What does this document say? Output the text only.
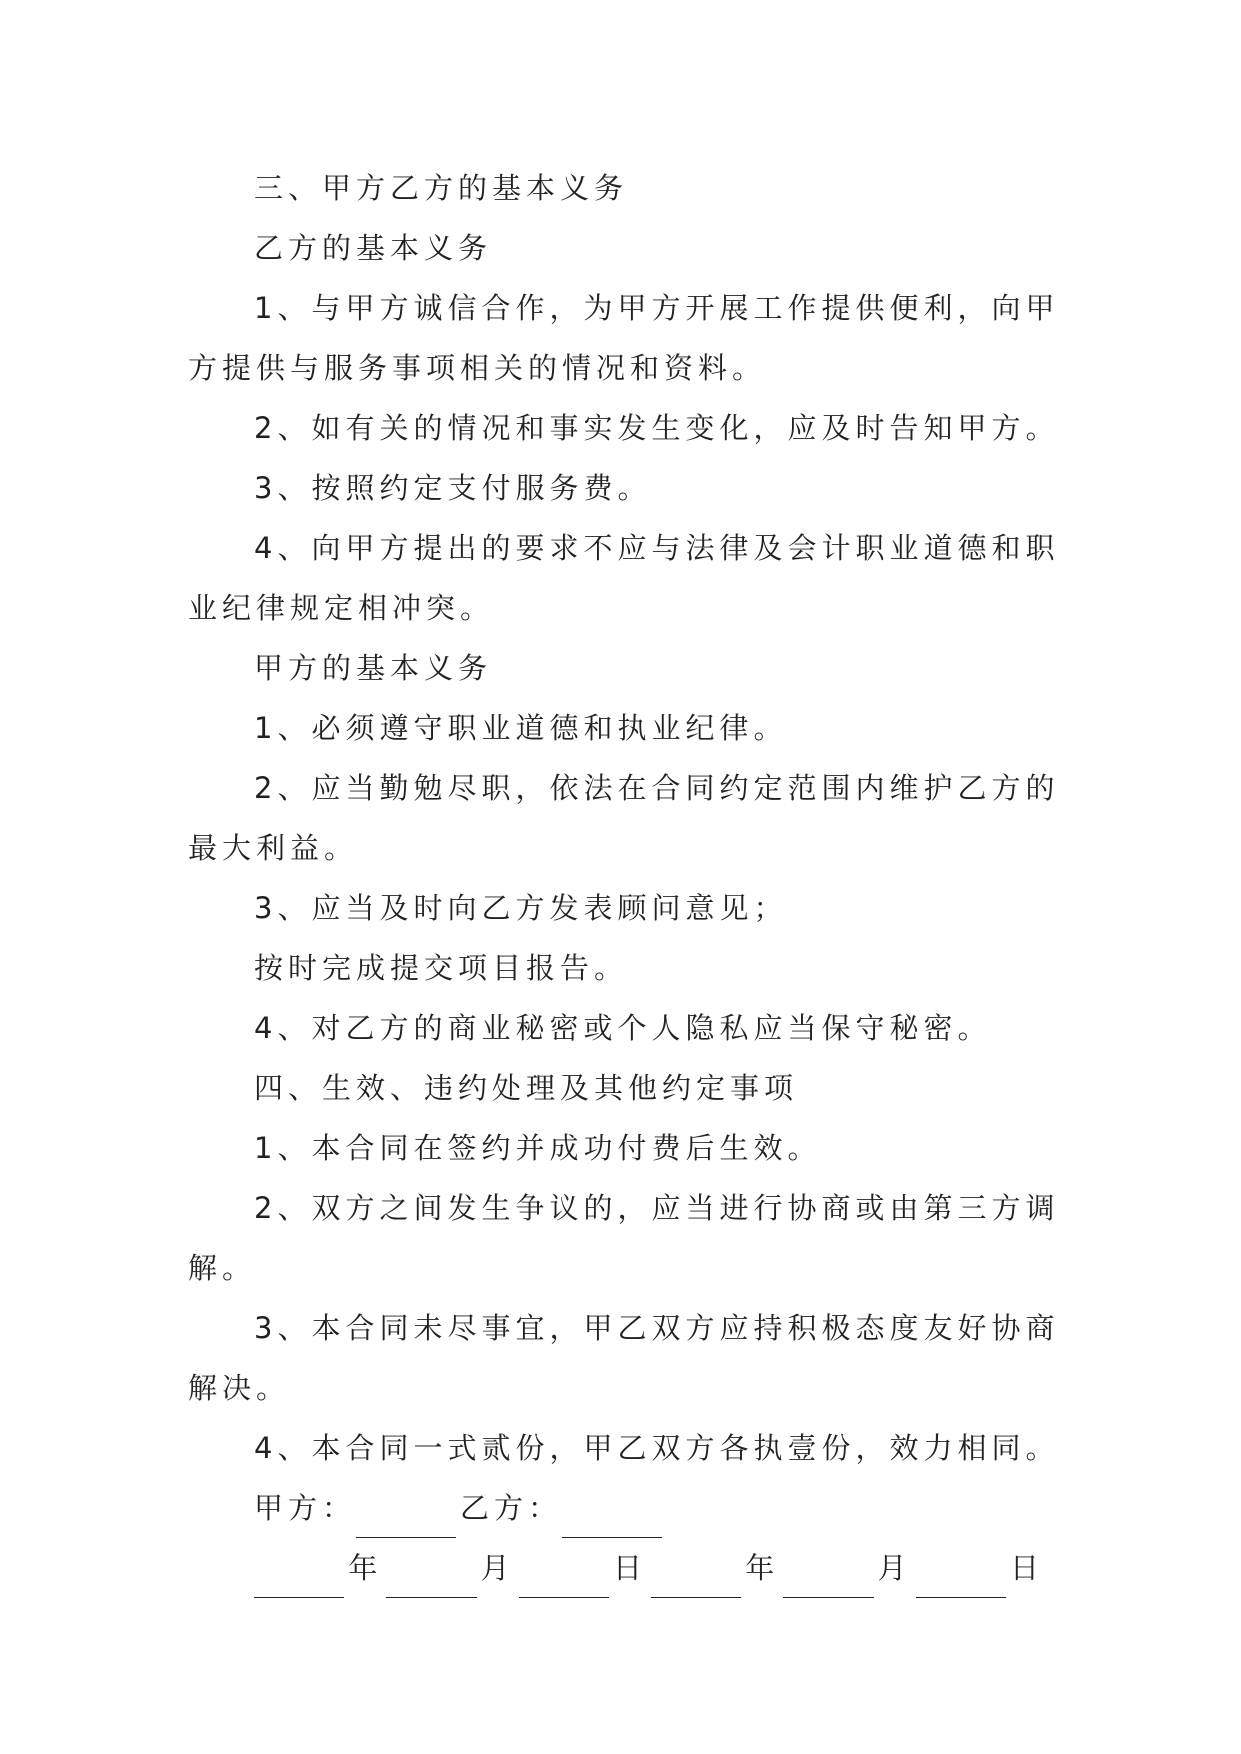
三、甲方乙方的基本义务

乙方的基本义务

1、与甲方诚信合作，为甲方开展工作提供便利，向甲

方提供与服务事项相关的情况和资料。

2、如有关的情况和事实发生变化，应及时告知甲方。

3、按照约定支付服务费。

4、向甲方提出的要求不应与法律及会计职业道德和职

业纪律规定相冲突。

甲方的基本义务

1、必须遵守职业道德和执业纪律。

2、应当勤勉尽职，依法在合同约定范围内维护乙方的

最大利益。

3、应当及时向乙方发表顾问意见；

按时完成提交项目报告。

4、对乙方的商业秘密或个人隐私应当保守秘密。

四、生效、违约处理及其他约定事项

1、本合同在签约并成功付费后生效。

2、双方之间发生争议的，应当进行协商或由第三方调

解。

3、本合同未尽事宜，甲乙双方应持积极态度友好协商

解决。

4、本合同一式贰份，甲乙双方各执壹份，效力相同。

甲方：	乙方：
年	月	日	年	月	日
